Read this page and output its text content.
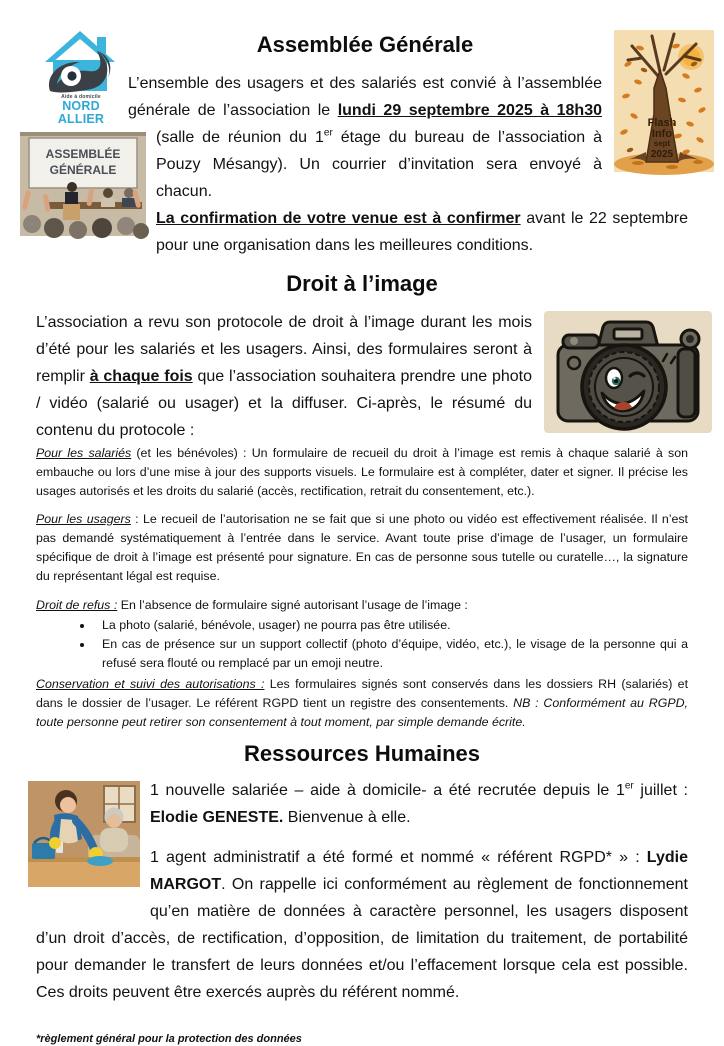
Flash
Info
sept
2025
Aide à domicile
NORD ALLIER
Assemblée Générale
ASSEMBLÉE
GÉNÉRALE

L’ensemble des usagers et des salariés est convié à l’assemblée générale de l’association le lundi 29 septembre 2025 à 18h30 (salle de réunion du 1er étage du bureau de l’association à Pouzy Mésangy). Un courrier d’invitation sera envoyé à chacun.

La confirmation de votre venue est à confirmer avant le 22 septembre pour une organisation dans les meilleures conditions.

Droit à l’image

L’association a revu son protocole de droit à l’image durant les mois d’été pour les salariés et les usagers. Ainsi, des formulaires seront à remplir à chaque fois que l’association souhaitera prendre une photo / vidéo (salarié ou usager) et la diffuser. Ci-après, le résumé du contenu du protocole :

Pour les salariés (et les bénévoles) : Un formulaire de recueil du droit à l’image est remis à chaque salarié à son embauche ou lors d’une mise à jour des supports visuels. Le formulaire est à compléter, dater et signer. Il précise les usages autorisés et les droits du salarié (accès, rectification, retrait du consentement, etc.).

Pour les usagers : Le recueil de l’autorisation ne se fait que si une photo ou vidéo est effectivement réalisée. Il n’est pas demandé systématiquement à l’entrée dans le service. Avant toute prise d’image de l’usager, un formulaire spécifique de droit à l’image est présenté pour signature. En cas de personne sous tutelle ou curatelle…, la signature du représentant légal est requise.

Droit de refus : En l’absence de formulaire signé autorisant l’usage de l’image :

• La photo (salarié, bénévole, usager) ne pourra pas être utilisée.
• En cas de présence sur un support collectif (photo d’équipe, vidéo, etc.), le visage de la personne qui a refusé sera flouté ou remplacé par un emoji neutre.

Conservation et suivi des autorisations : Les formulaires signés sont conservés dans les dossiers RH (salariés) et dans le dossier de l’usager. Le référent RGPD tient un registre des consentements. NB : Conformément au RGPD, toute personne peut retirer son consentement à tout moment, par simple demande écrite.

Ressources Humaines

1 nouvelle salariée – aide à domicile- a été recrutée depuis le 1er juillet : Elodie GENESTE. Bienvenue à elle.

1 agent administratif a été formé et nommé « référent RGPD* » : Lydie MARGOT. On rappelle ici conformément au règlement de fonctionnement qu’en matière de données à caractère personnel, les usagers disposent d’un droit d’accès, de rectification, d’opposition, de limitation du traitement, de portabilité pour demander le transfert de leurs données et/ou l’effacement lorsque cela est possible. Ces droits peuvent être exercés auprès du référent nommé.

*règlement général pour la protection des données
